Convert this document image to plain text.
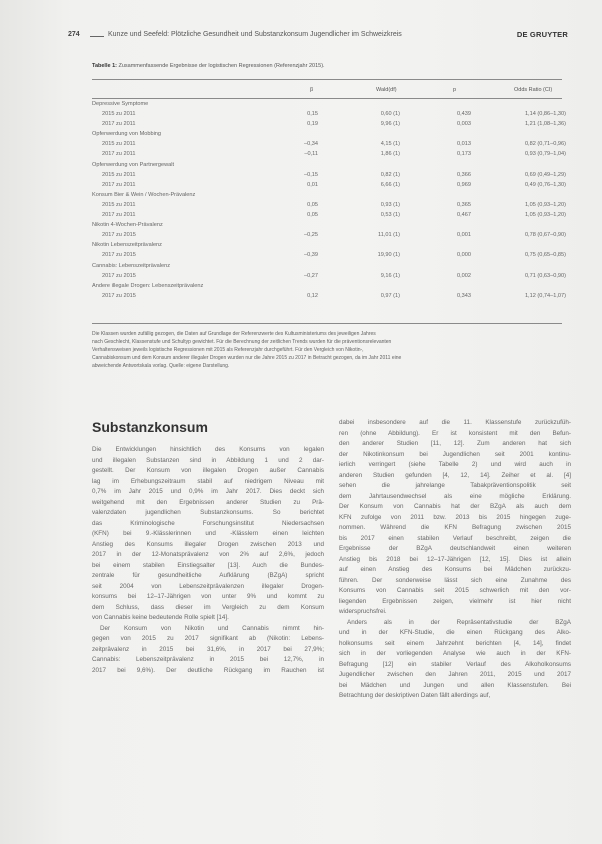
274	Kunze und Seefeld: Plötzliche Gesundheit und Substanzkonsum Jugendlicher im Schweizkreis	DE GRUYTER
Tabelle 1: Zusammenfassende Ergebnisse der logistischen Regressionen (Referenzjahr 2015).
β	Wald(df)	p	Odds Ratio (CI)
Depressive Symptome
2015 zu 2011	0,15	0,60 (1)	0,439	1,14 (0,86–1,30)
2017 zu 2011	0,19	9,96 (1)	0,003	1,21 (1,08–1,36)
Opferwerdung von Mobbing
2015 zu 2011	–0,34	4,15 (1)	0,013	0,82 (0,71–0,96)
2017 zu 2011	–0,11	1,86 (1)	0,173	0,93 (0,79–1,04)
Opferwerdung von Partnergewalt
2015 zu 2011	–0,15	0,82 (1)	0,366	0,69 (0,49–1,29)
2017 zu 2011	0,01	6,66 (1)	0,969	0,49 (0,76–1,30)
Konsum Bier & Wein / Wochen-Prävalenz
2015 zu 2011	0,05	0,93 (1)	0,365	1,05 (0,93–1,20)
2017 zu 2011	0,05	0,53 (1)	0,467	1,05 (0,93–1,20)
Nikotin 4-Wochen-Prävalenz
2017 zu 2015	–0,25	11,01 (1)	0,001	0,78 (0,67–0,90)
Nikotin Lebenszeitprävalenz
2017 zu 2015	–0,39	19,90 (1)	0,000	0,75 (0,65–0,85)
Cannabis: Lebenszeitprävalenz
2017 zu 2015	–0,27	9,16 (1)	0,002	0,71 (0,63–0,90)
Andere illegale Drogen: Lebenszeitprävalenz
2017 zu 2015	0,12	0,97 (1)	0,343	1,12 (0,74–1,07)
Die Klassen wurden zufällig gezogen, die Daten auf Grundlage der Referenzwerte des Kultusministeriums des jeweiligen Jahres
nach Geschlecht, Klassenstufe und Schultyp gewichtet. Für die Berechnung der zeitlichen Trends wurden für die präventionsrelevanten
Verhaltensweisen jeweils logistische Regressionen mit 2015 als Referenzjahr durchgeführt. Für den Vergleich von Nikotin-,
Cannabiskonsum und dem Konsum anderer illegaler Drogen wurden nur die Jahre 2015 zu 2017 in Betracht gezogen, da im Jahr 2011 eine
abweichende Antwortskala vorlag. Quelle: eigene Darstellung.
Substanzkonsum
Die Entwicklungen hinsichtlich des Konsums von legalen
und illegalen Substanzen sind in Abbildung 1 und 2 dar-
gestellt. Der Konsum von illegalen Drogen außer Cannabis
lag im Erhebungszeitraum stabil auf niedrigem Niveau mit
0,7% im Jahr 2015 und 0,9% im Jahr 2017. Dies deckt sich
weitgehend mit den Ergebnissen anderer Studien zu Prä-
valenzdaten jugendlichen Substanzkonsums. So berichtet
das Kriminologische Forschungsinstitut Niedersachsen
(KFN) bei 9.-Klässlerinnen und -Klässlern einen leichten
Anstieg des Konsums illegaler Drogen zwischen 2013 und
2017 in der 12-Monatsprävalenz von 2% auf 2,6%, jedoch
bei einem stabilen Einstiegsalter [13]. Auch die Bundes-
zentrale für gesundheitliche Aufklärung (BZgA) spricht
seit 2004 von Lebenszeitprävalenzen illegaler Drogen-
konsums bei 12–17-Jährigen von unter 9% und kommt zu
dem Schluss, dass dieser im Vergleich zu dem Konsum
von Cannabis keine bedeutende Rolle spielt [14].
Der Konsum von Nikotin und Cannabis nimmt hin-
gegen von 2015 zu 2017 signifikant ab (Nikotin: Lebens-
zeitprävalenz in 2015 bei 31,6%, in 2017 bei 27,9%;
Cannabis: Lebenszeitprävalenz in 2015 bei 12,7%, in
2017 bei 9,6%). Der deutliche Rückgang im Rauchen ist
dabei insbesondere auf die 11. Klassenstufe zurückzufüh-
ren (ohne Abbildung). Er ist konsistent mit den Befun-
den anderer Studien [11, 12]. Zum anderen hat sich
der Nikotinkonsum bei Jugendlichen seit 2001 kontinu-
ierlich verringert (siehe Tabelle 2) und wird auch in
anderen Studien gefunden [4, 12, 14]. Zeiher et al. [4]
sehen die jahrelange Tabakpräventionspolitik seit
dem Jahrtausendwechsel als eine mögliche Erklärung.
Der Konsum von Cannabis hat der BZgA als auch dem
KFN zufolge von 2011 bzw. 2013 bis 2015 hingegen zuge-
nommen. Während die KFN Befragung zwischen 2015
bis 2017 einen stabilen Verlauf beschreibt, zeigen die
Ergebnisse der BZgA deutschlandweit einen weiteren
Anstieg bis 2018 bei 12–17-Jährigen [12, 15]. Dies ist allein
auf einen Anstieg des Konsums bei Mädchen zurückzu-
führen. Der sonderweise lässt sich eine Zunahme des
Konsums von Cannabis seit 2015 schwerlich mit den vor-
liegenden Ergebnissen zeigen, vielmehr ist hier nicht
widerspruchsfrei.
Anders als in der Repräsentativstudie der BZgA
und in der KFN-Studie, die einen Rückgang des Alko-
holkonsums seit einem Jahrzehnt berichten [4, 14], findet
sich in der vorliegenden Analyse wie auch in der KFN-
Befragung [12] ein stabiler Verlauf des Alkoholkonsums
Jugendlicher zwischen den Jahren 2011, 2015 und 2017
bei Mädchen und Jungen und allen Klassenstufen. Bei
Betrachtung der deskriptiven Daten fällt allerdings auf,
